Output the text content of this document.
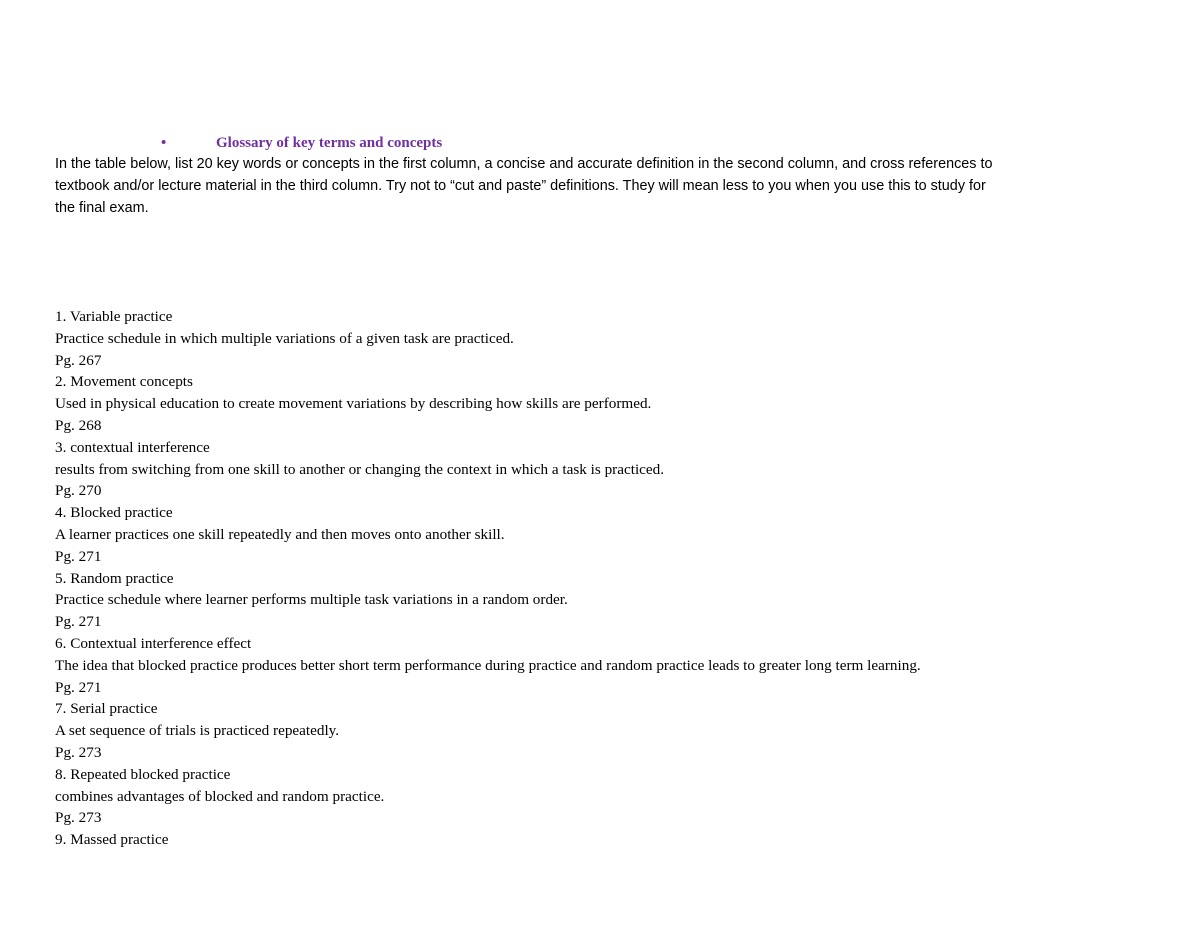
•	Glossary of key terms and concepts
In the table below, list 20 key words or concepts in the first column, a concise and accurate definition in the second column, and cross references to
textbook and/or lecture material in the third column. Try not to “cut and paste” definitions. They will mean less to you when you use this to study for
the final exam.
1. Variable practice
Practice schedule in which multiple variations of a given task are practiced.
Pg. 267
2. Movement concepts
Used in physical education to create movement variations by describing how skills are performed.
Pg. 268
3. contextual interference
results from switching from one skill to another or changing the context in which a task is practiced.
Pg. 270
4. Blocked practice
A learner practices one skill repeatedly and then moves onto another skill.
Pg. 271
5. Random practice
Practice schedule where learner performs multiple task variations in a random order.
Pg. 271
6. Contextual interference effect
The idea that blocked practice produces better short term performance during practice and random practice leads to greater long term learning.
Pg. 271
7. Serial practice
A set sequence of trials is practiced repeatedly.
Pg. 273
8. Repeated blocked practice
combines advantages of blocked and random practice.
Pg. 273
9. Massed practice
